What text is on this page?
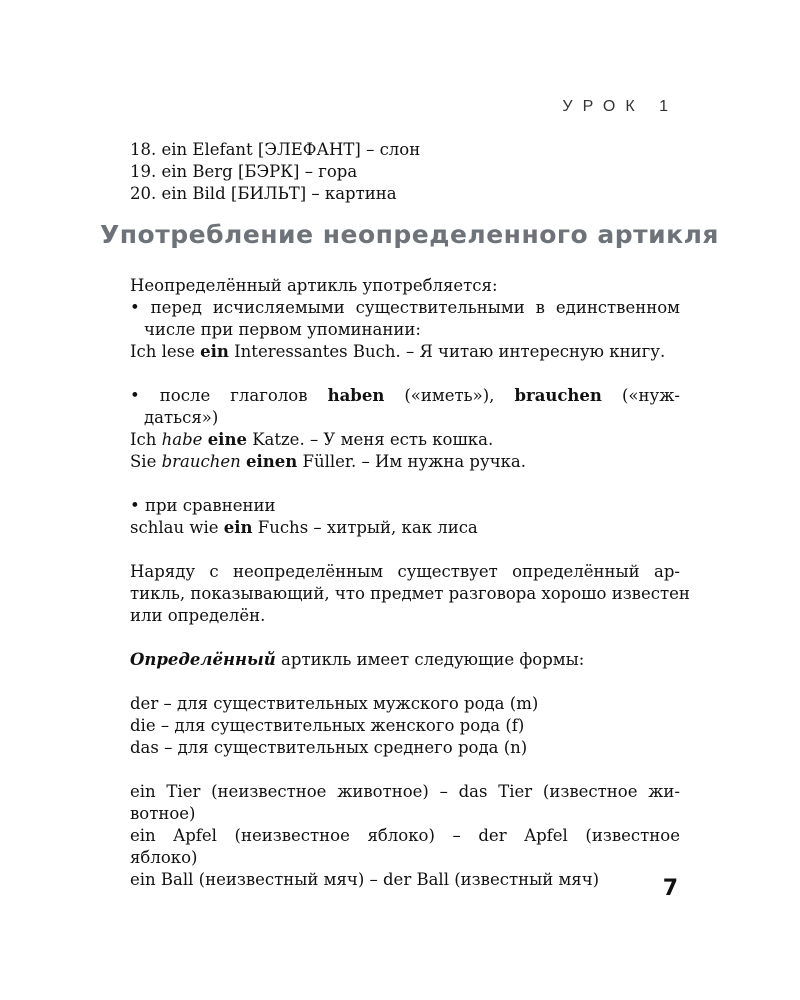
УРОК 1
18. ein Elefant [ЭЛЕФАНТ] – слон
19. ein Berg [БЭРК] – гора
20. ein Bild [БИЛЬТ] – картина
Употребление неопределенного артикля
Неопределённый артикль употребляется:
• перед исчисляемыми существительными в единственном
числе при первом упоминании:
Ich lese ein Interessantes Buch. – Я читаю интересную книгу.
• после глаголов haben («иметь»), brauchen («нуж-
даться»)
Ich habe eine Katze. – У меня есть кошка.
Sie brauchen einen Füller. – Им нужна ручка.
• при сравнении
schlau wie ein Fuchs – хитрый, как лиса
Наряду с неопределённым существует определённый ар-
тикль, показывающий, что предмет разговора хорошо известен
или определён.
Определённый артикль имеет следующие формы:
der – для существительных мужского рода (m)
die – для существительных женского рода (f)
das – для существительных среднего рода (n)
ein Tier (неизвестное животное) – das Tier (известное жи-
вотное)
ein Apfel (неизвестное яблоко) – der Apfel (известное
яблоко)
ein Ball (неизвестный мяч) – der Ball (известный мяч)	7
